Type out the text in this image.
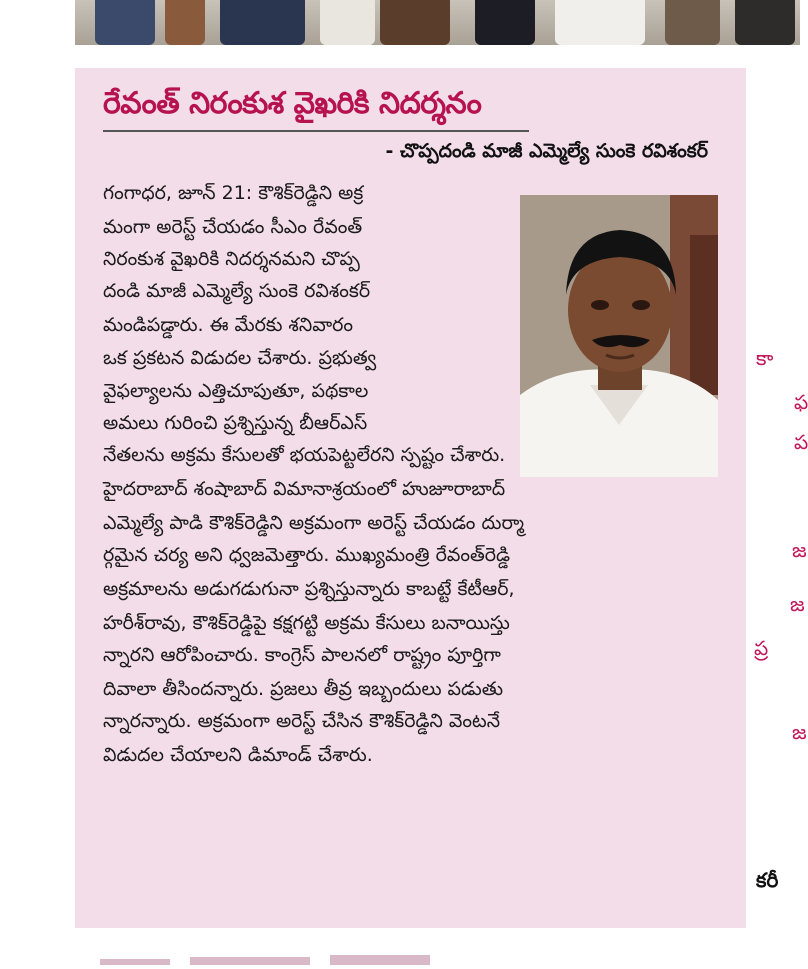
రేవంత్ నిరంకుశ వైఖరికి నిదర్శనం
- చొప్పదండి మాజీ ఎమ్మెల్యే సుంకె రవిశంకర్
గంగాధర, జూన్ 21: కౌశిక్‌రెడ్డిని అక్ర
మంగా అరెస్ట్ చేయడం సీఎం రేవంత్
నిరంకుశ వైఖరికి నిదర్శనమని చొప్ప
దండి మాజీ ఎమ్మెల్యే సుంకె రవిశంకర్
మండిపడ్డారు. ఈ మేరకు శనివారం
ఒక ప్రకటన విడుదల చేశారు. ప్రభుత్వ
వైఫల్యాలను ఎత్తిచూపుతూ, పథకాల
అమలు గురించి ప్రశ్నిస్తున్న బీఆర్ఎస్
నేతలను అక్రమ కేసులతో భయపెట్టలేరని స్పష్టం చేశారు.
హైదరాబాద్ శంషాబాద్ విమానాశ్రయంలో హుజూరాబాద్
ఎమ్మెల్యే పాడి కౌశిక్‌రెడ్డిని అక్రమంగా అరెస్ట్ చేయడం దుర్మా
ర్గమైన చర్య అని ధ్వజమెత్తారు. ముఖ్యమంత్రి రేవంత్‌రెడ్డి
అక్రమాలను అడుగడుగునా ప్రశ్నిస్తున్నారు కాబట్టే కేటీఆర్,
హరీశ్‌రావు, కౌశిక్‌రెడ్డిపై కక్షగట్టి అక్రమ కేసులు బనాయిస్తు
న్నారని ఆరోపించారు. కాంగ్రెస్ పాలనలో రాష్ట్రం పూర్తిగా
దివాలా తీసిందన్నారు. ప్రజలు తీవ్ర ఇబ్బందులు పడుతు
న్నారన్నారు. అక్రమంగా అరెస్ట్ చేసిన కౌశిక్‌రెడ్డిని వెంటనే
విడుదల చేయాలని డిమాండ్ చేశారు.
కా
ఫ
ప
జ
జ
ప్ర
జ
కరీ
